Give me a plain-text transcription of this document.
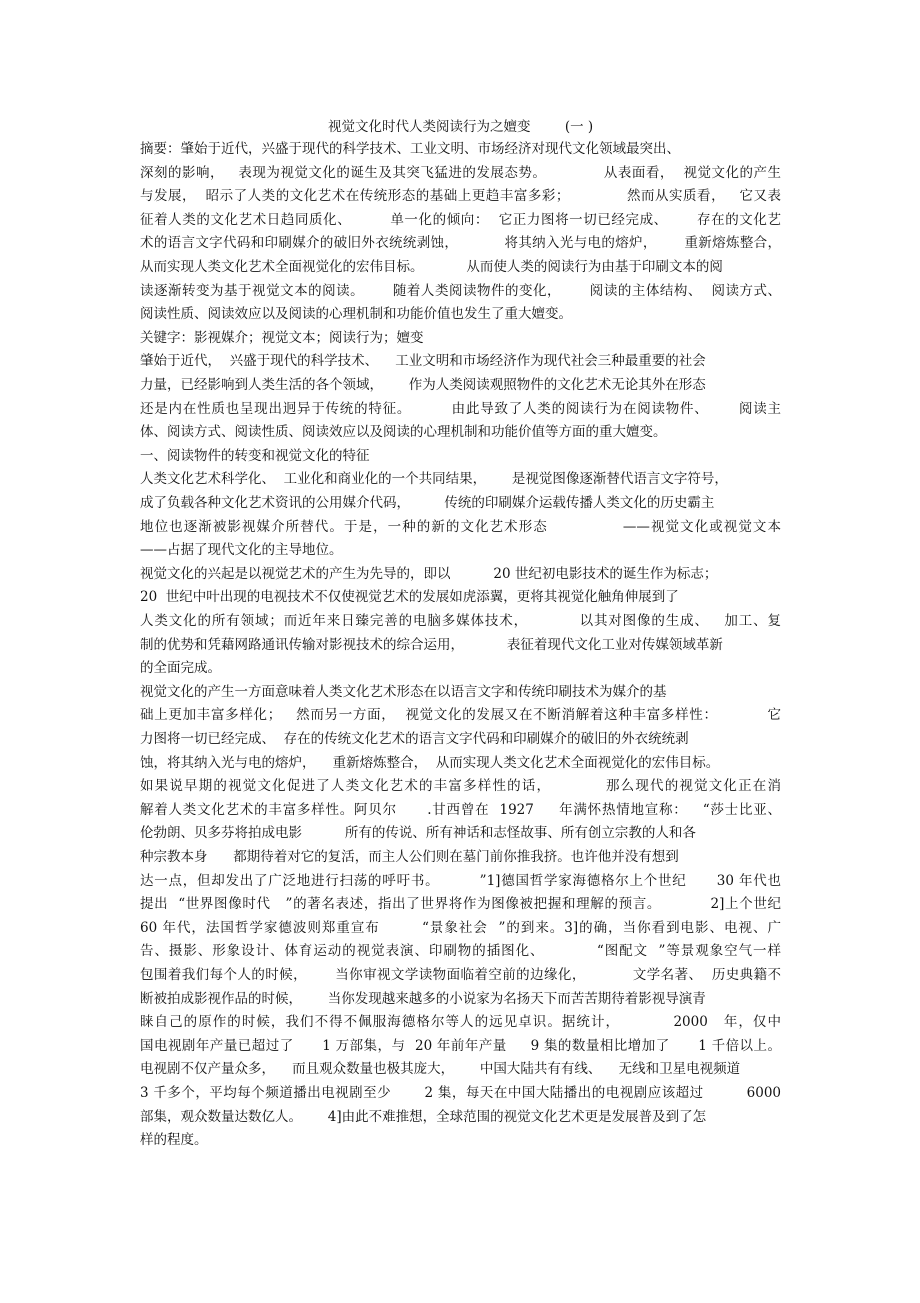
视觉文化时代人类阅读行为之嬗变        (一 )
摘要：肇始于近代，兴盛于现代的科学技术、工业文明、市场经济对现代文化领域最突出、
深刻的影响，   表现为视觉文化的诞生及其突飞猛进的发展态势。            从表面看，  视觉文化的产生
与发展，  昭示了人类的文化艺术在传统形态的基础上更趋丰富多彩；            然而从实质看，   它又表
征着人类的文化艺术日趋同质化、        单一化的倾向：  它正力图将一切已经完成、      存在的文化艺
术的语言文字代码和印刷媒介的破旧外衣统统剥蚀，          将其纳入光与电的熔炉，      重新熔炼整合，
从而实现人类文化艺术全面视觉化的宏伟目标。          从而使人类的阅读行为由基于印刷文本的阅
读逐渐转变为基于视觉文本的阅读。      随着人类阅读物件的变化，      阅读的主体结构、  阅读方式、
阅读性质、阅读效应以及阅读的心理机制和功能价值也发生了重大嬗变。
关键字：影视媒介；视觉文本；阅读行为；嬗变
肇始于近代，  兴盛于现代的科学技术、    工业文明和市场经济作为现代社会三种最重要的社会
力量，已经影响到人类生活的各个领域，      作为人类阅读观照物件的文化艺术无论其外在形态
还是内在性质也呈现出迥异于传统的特征。        由此导致了人类的阅读行为在阅读物件、      阅读主
体、阅读方式、阅读性质、阅读效应以及阅读的心理机制和功能价值等方面的重大嬗变。
一、阅读物件的转变和视觉文化的特征
人类文化艺术科学化、  工业化和商业化的一个共同结果，      是视觉图像逐渐替代语言文字符号，
成了负载各种文化艺术资讯的公用媒介代码，        传统的印刷媒介运载传播人类文化的历史霸主
地位也逐渐被影视媒介所替代。于是，一种的新的文化艺术形态              ——视觉文化或视觉文本
——占据了现代文化的主导地位。
视觉文化的兴起是以视觉艺术的产生为先导的，即以          20 世纪初电影技术的诞生作为标志；
20  世纪中叶出现的电视技术不仅使视觉艺术的发展如虎添翼，更将其视觉化触角伸展到了
人类文化的所有领域；而近年来日臻完善的电脑多媒体技术，          以其对图像的生成、   加工、复
制的优势和凭藉网路通讯传输对影视技术的综合运用，          表征着现代文化工业对传媒领域革新
的全面完成。
视觉文化的产生一方面意味着人类文化艺术形态在以语言文字和传统印刷技术为媒介的基
础上更加丰富多样化；   然而另一方面，  视觉文化的发展又在不断消解着这种丰富多样性：          它
力图将一切已经完成、  存在的传统文化艺术的语言文字代码和印刷媒介的破旧的外衣统统剥
蚀，将其纳入光与电的熔炉，    重新熔炼整合，  从而实现人类文化艺术全面视觉化的宏伟目标。
如果说早期的视觉文化促进了人类文化艺术的丰富多样性的话，          那么现代的视觉文化正在消
解着人类文化艺术的丰富多样性。阿贝尔      .甘西曾在  1927     年满怀热情地宣称：   “莎士比亚、
伦勃朗、贝多芬将拍成电影          所有的传说、所有神话和志怪故事、所有创立宗教的人和各
种宗教本身      都期待着对它的复活，而主人公们则在墓门前你推我挤。也许他并没有想到
达一点，但却发出了广泛地进行扫荡的呼吁书。        ”1]德国哲学家海德格尔上个世纪      30 年代也
提出  “世界图像时代   ”的著名表述，指出了世界将作为图像被把握和理解的预言。          2]上个世纪
60 年代，法国哲学家德波则郑重宣布        “景象社会  ”的到来。3]的确，当你看到电影、电视、广
告、摄影、形象设计、体育运动的视觉表演、印刷物的插图化、          “图配文  ”等景观象空气一样
包围着我们每个人的时候，      当你审视文学读物面临着空前的边缘化，          文学名著、  历史典籍不
断被拍成影视作品的时候，      当你发现越来越多的小说家为名扬天下而苦苦期待着影视导演青
睐自己的原作的时候，我们不得不佩服海德格尔等人的远见卓识。据统计，          2000   年，仅中
国电视剧年产量已超过了      1 万部集，与  20 年前年产量     9 集的数量相比增加了      1 千倍以上。
电视剧不仅产量众多，    而且观众数量也极其庞大，      中国大陆共有有线、    无线和卫星电视频道
3 千多个，平均每个频道播出电视剧至少       2 集，每天在中国大陆播出的电视剧应该超过         6000
部集，观众数量达数亿人。      4]由此不难推想，全球范围的视觉文化艺术更是发展普及到了怎
样的程度。
